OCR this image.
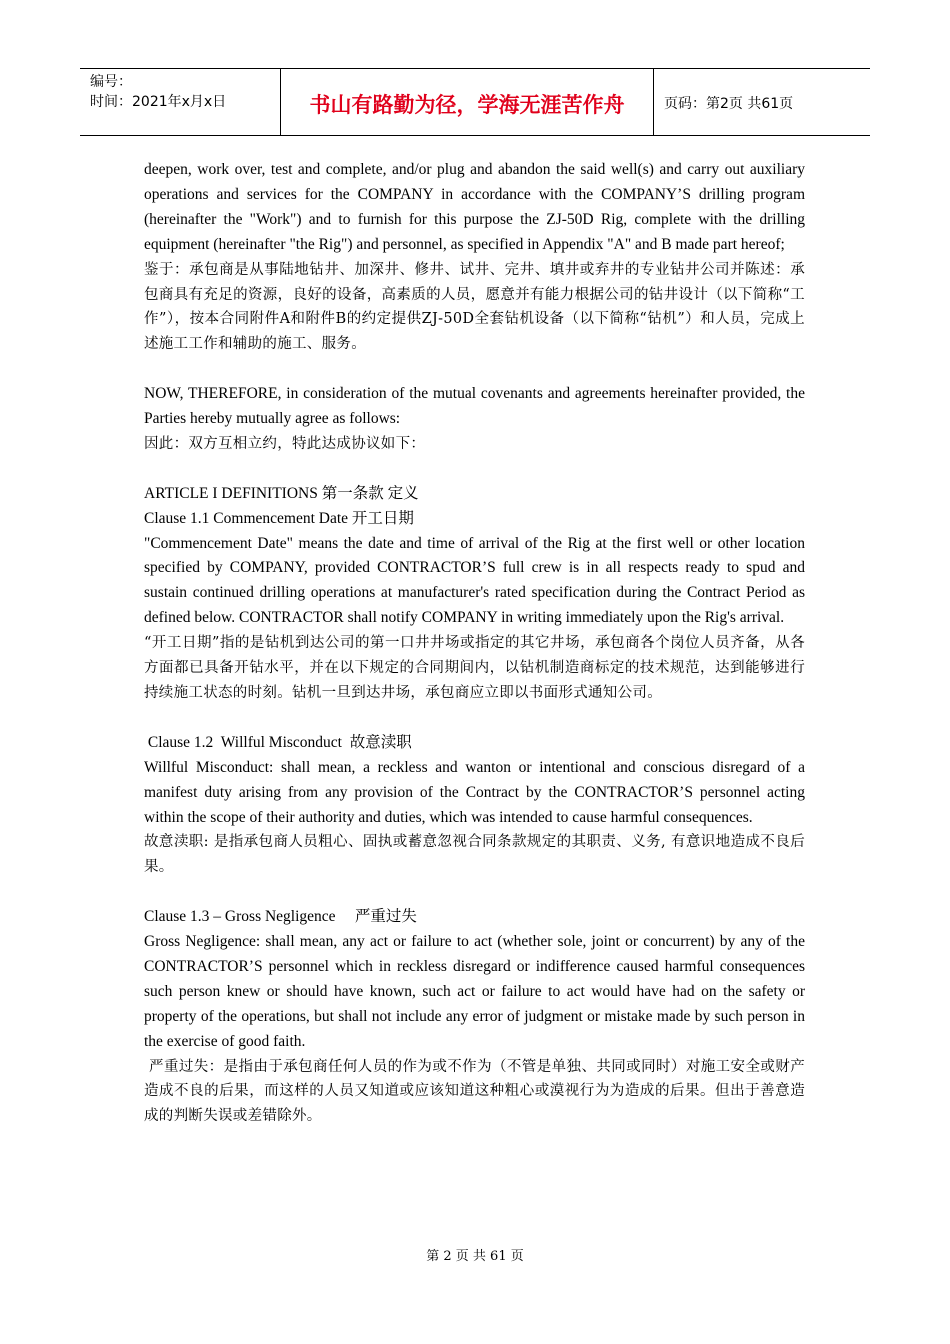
编号：
时间：2021年x月x日	书山有路勤为径，学海无涯苦作舟	页码：第2页 共61页

deepen, work over, test and complete, and/or plug and abandon the said well(s) and carry out auxiliary operations and services for the COMPANY in accordance with the COMPANY’S drilling program (hereinafter the "Work") and to furnish for this purpose the ZJ-50D Rig, complete with the drilling equipment (hereinafter "the Rig") and personnel, as specified in Appendix "A" and B made part hereof;

鉴于：承包商是从事陆地钻井、加深井、修井、试井、完井、填井或弃井的专业钻井公司并陈述：承包商具有充足的资源，良好的设备，高素质的人员，愿意并有能力根据公司的钻井设计（以下简称“工作”），按本合同附件A和附件B的约定提供ZJ-50D全套钻机设备（以下简称“钻机”）和人员，完成上述施工工作和辅助的施工、服务。

NOW, THEREFORE, in consideration of the mutual covenants and agreements hereinafter provided, the Parties hereby mutually agree as follows:

因此：双方互相立约，特此达成协议如下：

ARTICLE I DEFINITIONS 第一条款 定义

Clause 1.1 Commencement Date 开工日期

"Commencement Date" means the date and time of arrival of the Rig at the first well or other location specified by COMPANY, provided CONTRACTOR’S full crew is in all respects ready to spud and sustain continued drilling operations at manufacturer's rated specification during the Contract Period as defined below. CONTRACTOR shall notify COMPANY in writing immediately upon the Rig's arrival.

“开工日期”指的是钻机到达公司的第一口井井场或指定的其它井场，承包商各个岗位人员齐备，从各方面都已具备开钻水平，并在以下规定的合同期间内，以钻机制造商标定的技术规范，达到能够进行持续施工状态的时刻。钻机一旦到达井场，承包商应立即以书面形式通知公司。

Clause 1.2  Willful Misconduct  故意渎职

Willful Misconduct: shall mean, a reckless and wanton or intentional and conscious disregard of a manifest duty arising from any provision of the Contract by the CONTRACTOR’S personnel acting within the scope of their authority and duties, which was intended to cause harmful consequences.

故意渎职: 是指承包商人员粗心、固执或蓄意忽视合同条款规定的其职责、义务, 有意识地造成不良后果。

Clause 1.3 – Gross Negligence     严重过失

Gross Negligence: shall mean, any act or failure to act (whether sole, joint or concurrent) by any of the CONTRACTOR’S personnel which in reckless disregard or indifference caused harmful consequences such person knew or should have known, such act or failure to act would have had on the safety or property of the operations, but shall not include any error of judgment or mistake made by such person in the exercise of good faith.

严重过失：是指由于承包商任何人员的作为或不作为（不管是单独、共同或同时）对施工安全或财产造成不良的后果，而这样的人员又知道或应该知道这种粗心或漠视行为为造成的后果。但出于善意造成的判断失误或差错除外。

第 2 页 共 61 页
